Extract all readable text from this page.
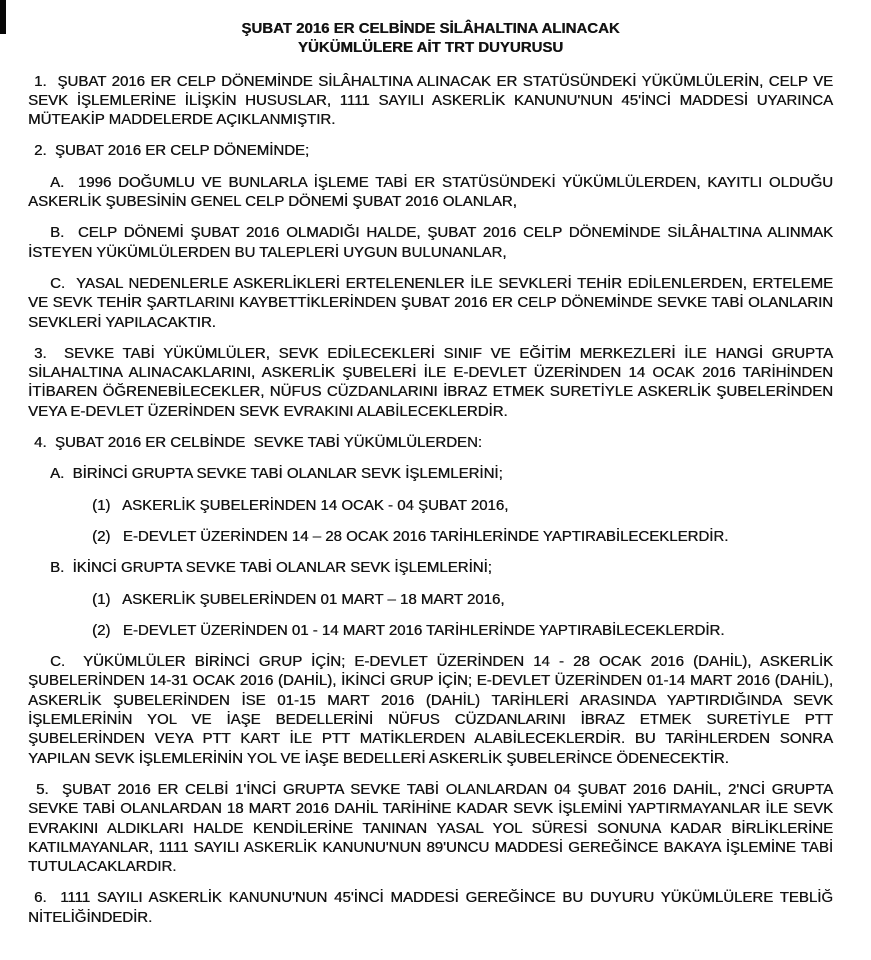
ŞUBAT 2016 ER CELBİNDE SİLÂHALTINA ALINACAK
YÜKÜMLÜLERE AİT TRT DUYURUSU

1.  ŞUBAT 2016 ER CELP DÖNEMİNDE SİLÂHALTINA ALINACAK ER STATÜSÜNDEKİ YÜKÜMLÜLERİN, CELP VE SEVK İŞLEMLERİNE İLİŞKİN HUSUSLAR, 1111 SAYILI ASKERLİK KANUNU'NUN 45'İNCİ MADDESİ UYARINCA MÜTEAKİP MADDELERDE AÇIKLANMIŞTIR.

2.  ŞUBAT 2016 ER CELP DÖNEMİNDE;

A.  1996 DOĞUMLU VE BUNLARLA İŞLEME TABİ ER STATÜSÜNDEKİ YÜKÜMLÜLERDEN, KAYITLI OLDUĞU ASKERLİK ŞUBESİNİN GENEL CELP DÖNEMİ ŞUBAT 2016 OLANLAR,

B.  CELP DÖNEMİ ŞUBAT 2016 OLMADIĞI HALDE, ŞUBAT 2016 CELP DÖNEMİNDE SİLÂHALTINA ALINMAK İSTEYEN YÜKÜMLÜLERDEN BU TALEPLERİ UYGUN BULUNANLAR,

C.  YASAL NEDENLERLE ASKERLİKLERİ ERTELENENLER İLE SEVKLERİ TEHİR EDİLENLERDEN, ERTELEME VE SEVK TEHİR ŞARTLARINI KAYBETTİKLERİNDEN ŞUBAT 2016 ER CELP DÖNEMİNDE SEVKE TABİ OLANLARIN SEVKLERİ YAPILACAKTIR.

3.  SEVKE TABİ YÜKÜMLÜLER, SEVK EDİLECEKLERİ SINIF VE EĞİTİM MERKEZLERİ İLE HANGİ GRUPTA SİLAHALTINA ALINACAKLARINI, ASKERLİK ŞUBELERİ İLE E-DEVLET ÜZERİNDEN 14 OCAK 2016 TARİHİNDEN İTİBAREN ÖĞRENEBİLECEKLER, NÜFUS CÜZDANLARINI İBRAZ ETMEK SURETİYLE ASKERLİK ŞUBELERİNDEN VEYA E-DEVLET ÜZERİNDEN SEVK EVRAKINI ALABİLECEKLERDİR.

4.  ŞUBAT 2016 ER CELBİNDE  SEVKE TABİ YÜKÜMLÜLERDEN:

A.  BİRİNCİ GRUPTA SEVKE TABİ OLANLAR SEVK İŞLEMLERİNİ;

(1)   ASKERLİK ŞUBELERİNDEN 14 OCAK - 04 ŞUBAT 2016,

(2)   E-DEVLET ÜZERİNDEN 14 – 28 OCAK 2016 TARİHLERİNDE YAPTIRABİLECEKLERDİR.

B.  İKİNCİ GRUPTA SEVKE TABİ OLANLAR SEVK İŞLEMLERİNİ;

(1)   ASKERLİK ŞUBELERİNDEN 01 MART – 18 MART 2016,

(2)   E-DEVLET ÜZERİNDEN 01 - 14 MART 2016 TARİHLERİNDE YAPTIRABİLECEKLERDİR.

C.  YÜKÜMLÜLER BİRİNCİ GRUP İÇİN; E-DEVLET ÜZERİNDEN 14 - 28 OCAK 2016 (DAHİL), ASKERLİK ŞUBELERİNDEN 14-31 OCAK 2016 (DAHİL), İKİNCİ GRUP İÇİN; E-DEVLET ÜZERİNDEN 01-14 MART 2016 (DAHİL), ASKERLİK ŞUBELERİNDEN İSE 01-15 MART 2016 (DAHİL) TARİHLERİ ARASINDA YAPTIRDIĞINDA SEVK İŞLEMLERİNİN YOL VE İAŞE BEDELLERİNİ NÜFUS CÜZDANLARINI İBRAZ ETMEK SURETİYLE PTT ŞUBELERİNDEN VEYA PTT KART İLE PTT MATİKLERDEN ALABİLECEKLERDİR. BU TARİHLERDEN SONRA YAPILAN SEVK İŞLEMLERİNİN YOL VE İAŞE BEDELLERİ ASKERLİK ŞUBELERİNCE ÖDENECEKTİR.

5.  ŞUBAT 2016 ER CELBİ 1'İNCİ GRUPTA SEVKE TABİ OLANLARDAN 04 ŞUBAT 2016 DAHİL, 2'NCİ GRUPTA SEVKE TABİ OLANLARDAN 18 MART 2016 DAHİL TARİHİNE KADAR SEVK İŞLEMİNİ YAPTIRMAYANLAR İLE SEVK EVRAKINI ALDIKLARI HALDE KENDİLERİNE TANINAN YASAL YOL SÜRESİ SONUNA KADAR BİRLİKLERİNE KATILMAYANLAR, 1111 SAYILI ASKERLİK KANUNU'NUN 89'UNCU MADDESİ GEREĞİNCE BAKAYA İŞLEMİNE TABİ TUTULACAKLARDIR.

6.  1111 SAYILI ASKERLİK KANUNU'NUN 45'İNCİ MADDESİ GEREĞİNCE BU DUYURU YÜKÜMLÜLERE TEBLİĞ NİTELİĞİNDEDİR.
